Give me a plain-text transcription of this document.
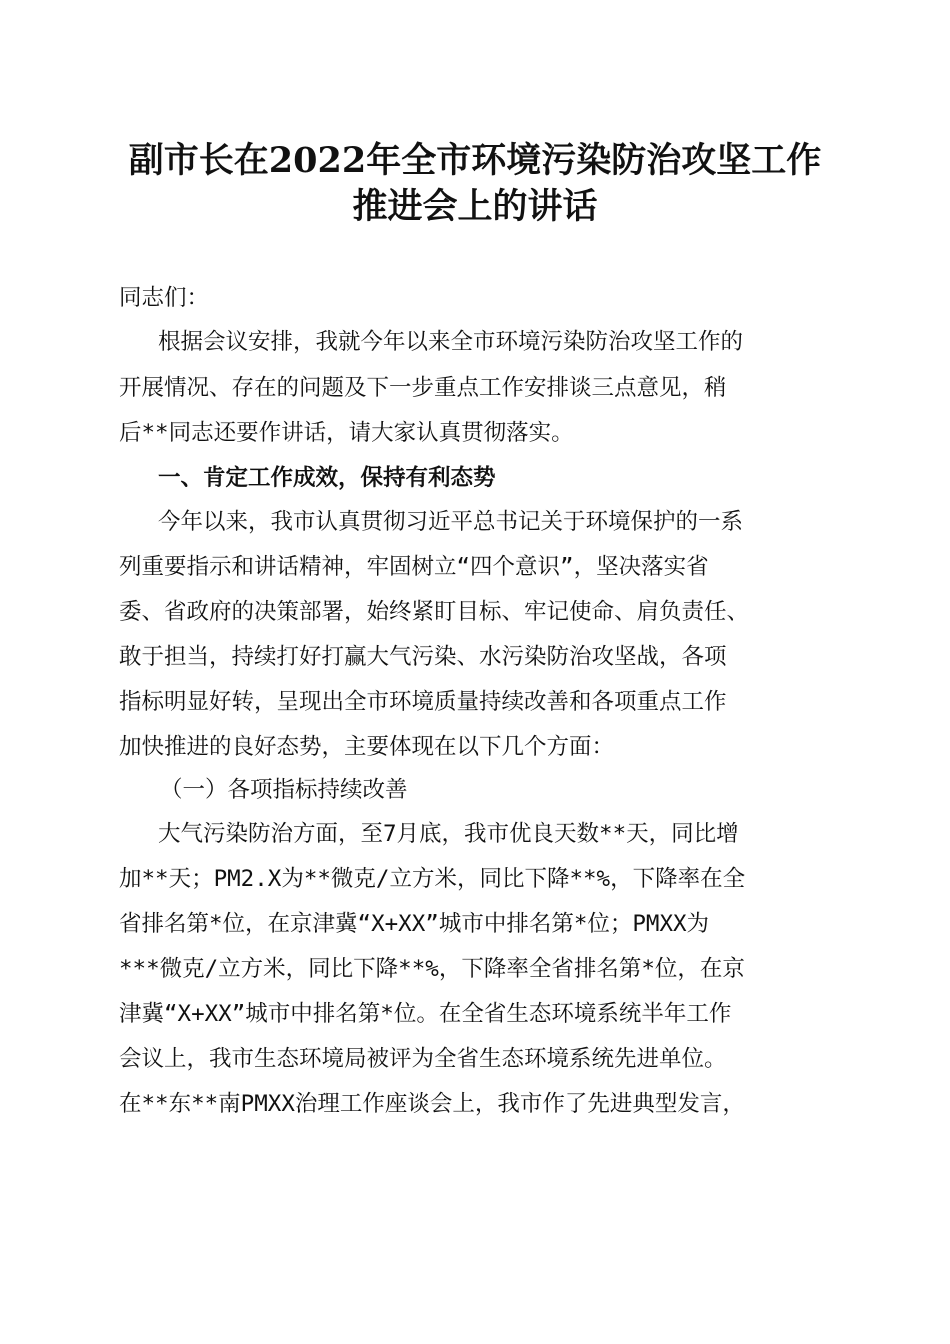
副市长在2022年全市环境污染防治攻坚工作
推进会上的讲话

同志们：

根据会议安排，我就今年以来全市环境污染防治攻坚工作的

开展情况、存在的问题及下一步重点工作安排谈三点意见，稍

后**同志还要作讲话，请大家认真贯彻落实。

一、肯定工作成效，保持有利态势

今年以来，我市认真贯彻习近平总书记关于环境保护的一系

列重要指示和讲话精神，牢固树立“四个意识”，坚决落实省

委、省政府的决策部署，始终紧盯目标、牢记使命、肩负责任、

敢于担当，持续打好打赢大气污染、水污染防治攻坚战，各项

指标明显好转，呈现出全市环境质量持续改善和各项重点工作

加快推进的良好态势，主要体现在以下几个方面：

（一）各项指标持续改善

大气污染防治方面，至7月底，我市优良天数**天，同比增

加**天；PM2.X为**微克/立方米，同比下降**%，下降率在全

省排名第*位，在京津冀“X+XX”城市中排名第*位；PMXX为

***微克/立方米，同比下降**%，下降率全省排名第*位，在京

津冀“X+XX”城市中排名第*位。在全省生态环境系统半年工作

会议上，我市生态环境局被评为全省生态环境系统先进单位。

在**东**南PMXX治理工作座谈会上，我市作了先进典型发言，
